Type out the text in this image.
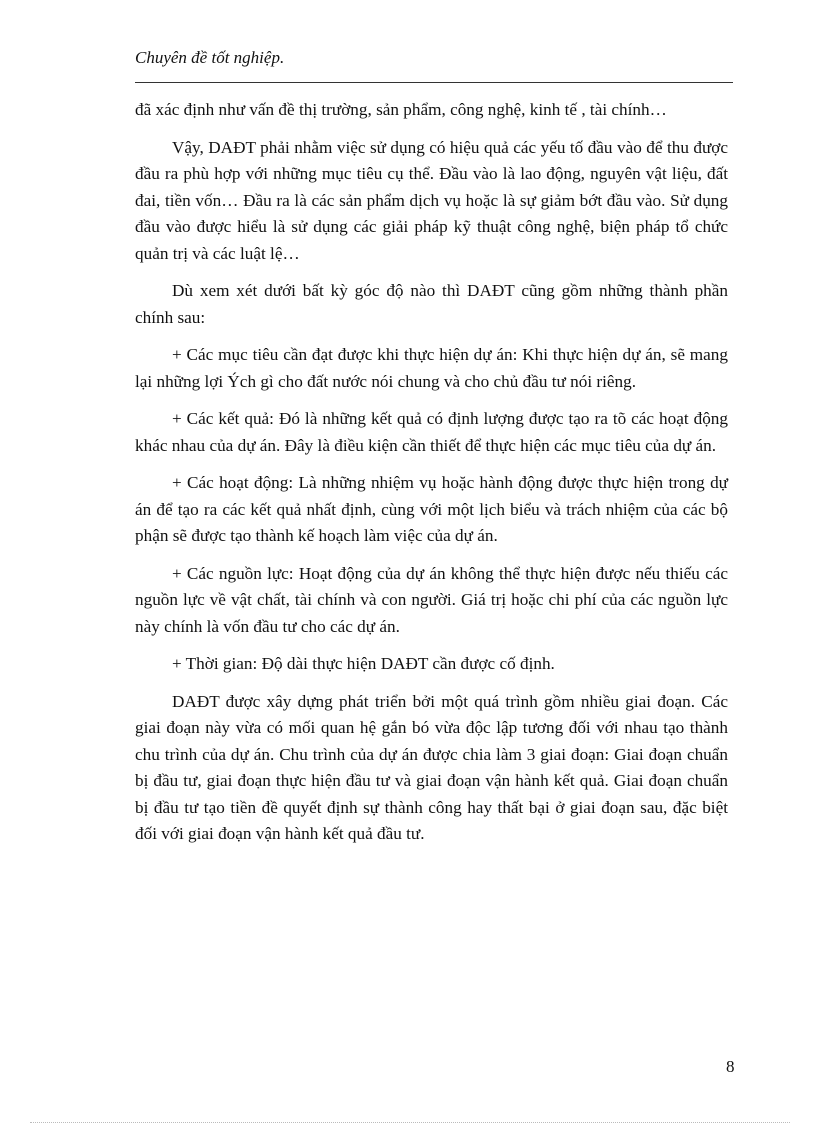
Chuyên đề tốt nghiệp.

đã xác định như vấn đề thị trường, sản phẩm, công nghệ, kinh tế , tài chính…

Vậy, DAĐT phải nhằm việc sử dụng có hiệu quả các yếu tố đầu vào để thu được đầu ra phù hợp với những mục tiêu cụ thể. Đầu vào là lao động, nguyên vật liệu, đất đai, tiền vốn… Đầu ra là các sản phẩm dịch vụ hoặc là sự giảm bớt đầu vào. Sử dụng đầu vào được hiểu là sử dụng các giải pháp kỹ thuật công nghệ, biện pháp tổ chức quản trị và các luật lệ…

Dù xem xét dưới bất kỳ góc độ nào thì DAĐT cũng gồm những thành phần chính sau:

+ Các mục tiêu cần đạt được khi thực hiện dự án: Khi thực hiện dự án, sẽ mang lại những lợi Ých gì cho đất nước nói chung và cho chủ đầu tư nói riêng.

+ Các kết quả: Đó là những kết quả có định lượng được tạo ra tõ các hoạt động khác nhau của dự án. Đây là điều kiện cần thiết để thực hiện các mục tiêu của dự án.

+ Các hoạt động: Là những nhiệm vụ hoặc hành động được thực hiện trong dự án để tạo ra các kết quả nhất định, cùng với một lịch biểu và trách nhiệm của các bộ phận sẽ được tạo thành kế hoạch làm việc của dự án.

+ Các nguồn lực: Hoạt động của dự án không thể thực hiện được nếu thiếu các nguồn lực về vật chất, tài chính và con người. Giá trị hoặc chi phí của các nguồn lực này chính là vốn đầu tư cho các dự án.

+ Thời gian: Độ dài thực hiện DAĐT cần được cố định.

DAĐT được xây dựng phát triển bởi một quá trình gồm nhiều giai đoạn. Các giai đoạn này vừa có mối quan hệ gắn bó vừa độc lập tương đối với nhau tạo thành chu trình của dự án. Chu trình của dự án được chia làm 3 giai đoạn: Giai đoạn chuẩn bị đầu tư, giai đoạn thực hiện đầu tư và giai đoạn vận hành kết quả. Giai đoạn chuẩn bị đầu tư tạo tiền đề quyết định sự thành công hay thất bại ở giai đoạn sau, đặc biệt đối với giai đoạn vận hành kết quả đầu tư.

8
